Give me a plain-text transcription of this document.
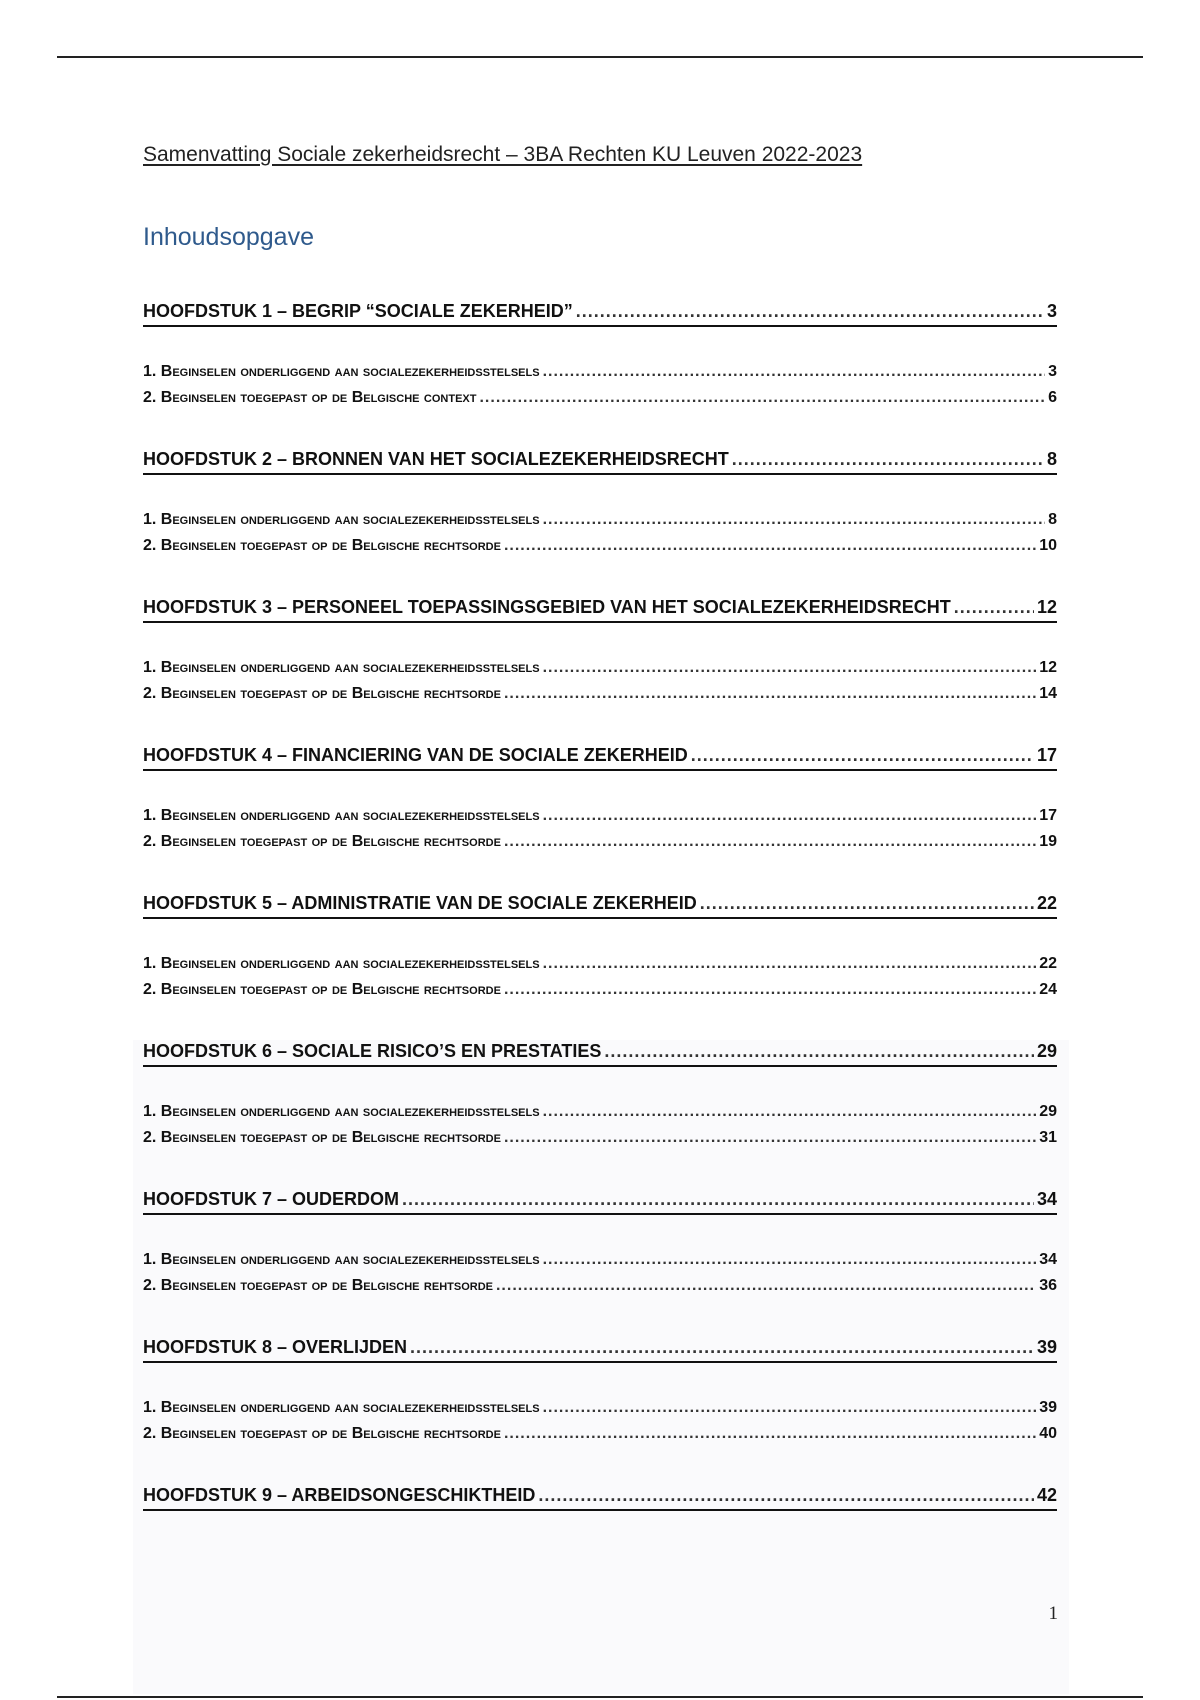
Samenvatting Sociale zekerheidsrecht – 3BA Rechten KU Leuven 2022-2023
Inhoudsopgave
HOOFDSTUK 1 – BEGRIP “SOCIALE ZEKERHEID” .....	3
1. Beginselen onderliggend aan socialezekerheidsstelsels .....	3
2. Beginselen toegepast op de Belgische context .....	6
HOOFDSTUK 2 – BRONNEN VAN HET SOCIALEZEKERHEIDSRECHT .....	8
1. Beginselen onderliggend aan socialezekerheidsstelsels .....	8
2. Beginselen toegepast op de Belgische rechtsorde .....	10
HOOFDSTUK 3 – PERSONEEL TOEPASSINGSGEBIED VAN HET SOCIALEZEKERHEIDSRECHT .....	12
1. Beginselen onderliggend aan socialezekerheidsstelsels .....	12
2. Beginselen toegepast op de Belgische rechtsorde .....	14
HOOFDSTUK 4 – FINANCIERING VAN DE SOCIALE ZEKERHEID .....	17
1. Beginselen onderliggend aan socialezekerheidsstelsels .....	17
2. Beginselen toegepast op de Belgische rechtsorde .....	19
HOOFDSTUK 5 – ADMINISTRATIE VAN DE SOCIALE ZEKERHEID .....	22
1. Beginselen onderliggend aan socialezekerheidsstelsels .....	22
2. Beginselen toegepast op de Belgische rechtsorde .....	24
HOOFDSTUK 6 – SOCIALE RISICO’S EN PRESTATIES .....	29
1. Beginselen onderliggend aan socialezekerheidsstelsels .....	29
2. Beginselen toegepast op de Belgische rechtsorde .....	31
HOOFDSTUK 7 – OUDERDOM .....	34
1. Beginselen onderliggend aan socialezekerheidsstelsels .....	34
2. Beginselen toegepast op de Belgische rehtsorde .....	36
HOOFDSTUK 8 – OVERLIJDEN .....	39
1. Beginselen onderliggend aan socialezekerheidsstelsels .....	39
2. Beginselen toegepast op de Belgische rechtsorde .....	40
HOOFDSTUK 9 – ARBEIDSONGESCHIKTHEID .....	42
1
